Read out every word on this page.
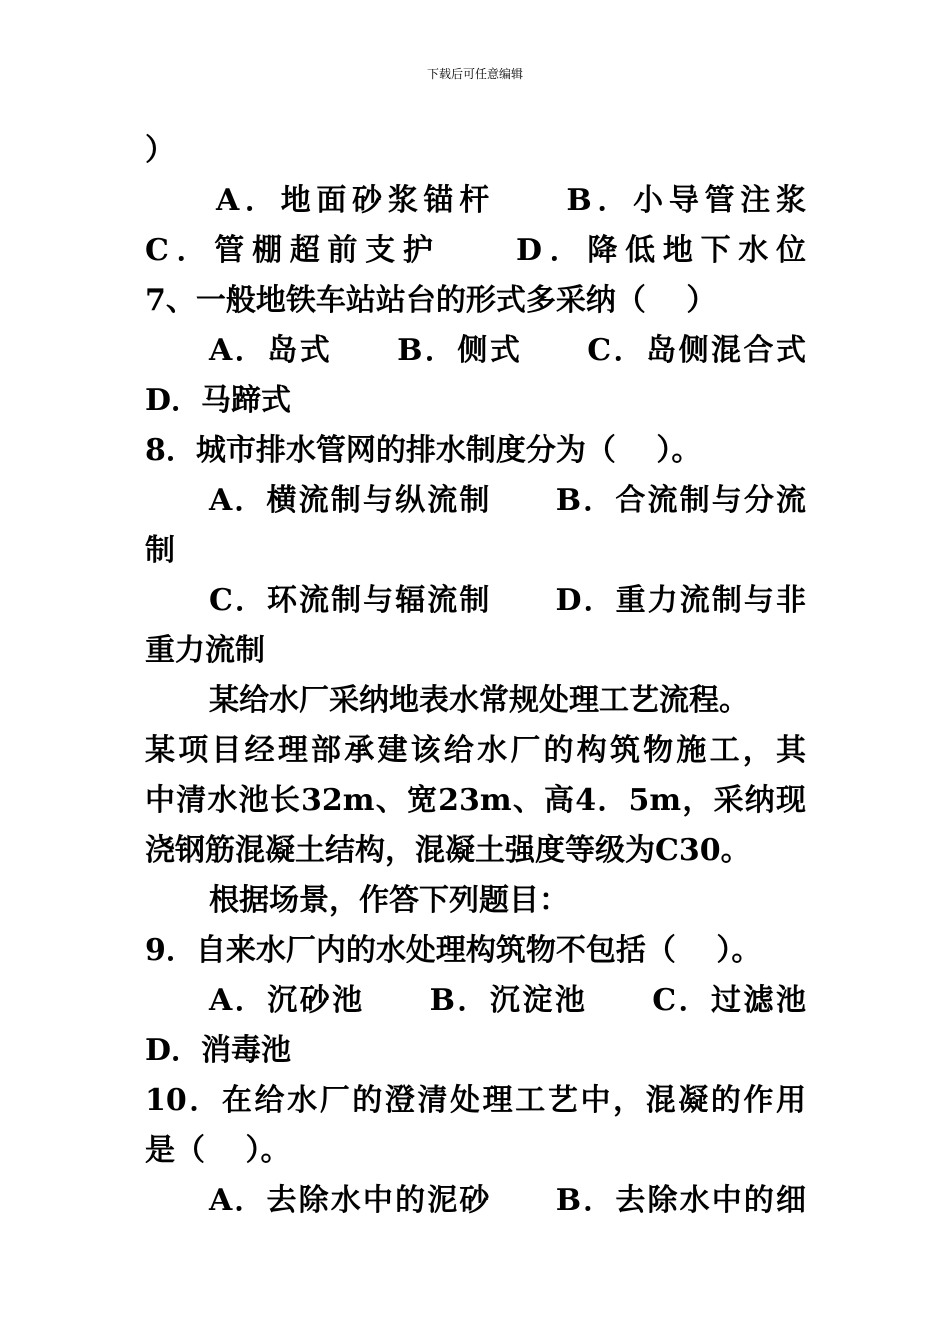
下载后可任意编辑
）
A．地面砂浆锚杆　　B．小导管注浆
C．管棚超前支护　　D．降低地下水位
7、一般地铁车站站台的形式多采纳（　 ）
A．岛式　　B．侧式　　C．岛侧混合式
D．马蹄式
8．城市排水管网的排水制度分为（　 ）。
A．横流制与纵流制　　B．合流制与分流
制
C．环流制与辐流制　　D．重力流制与非
重力流制
某给水厂采纳地表水常规处理工艺流程。
某项目经理部承建该给水厂的构筑物施工，其
中清水池长32m、宽23m、高4．5m，采纳现
浇钢筋混凝土结构，混凝土强度等级为C30。
根据场景，作答下列题目：
9．自来水厂内的水处理构筑物不包括（　 ）。
A．沉砂池　　B．沉淀池　　C．过滤池
D．消毒池
10．在给水厂的澄清处理工艺中，混凝的作用
是（　 ）。
A．去除水中的泥砂　　B．去除水中的细
